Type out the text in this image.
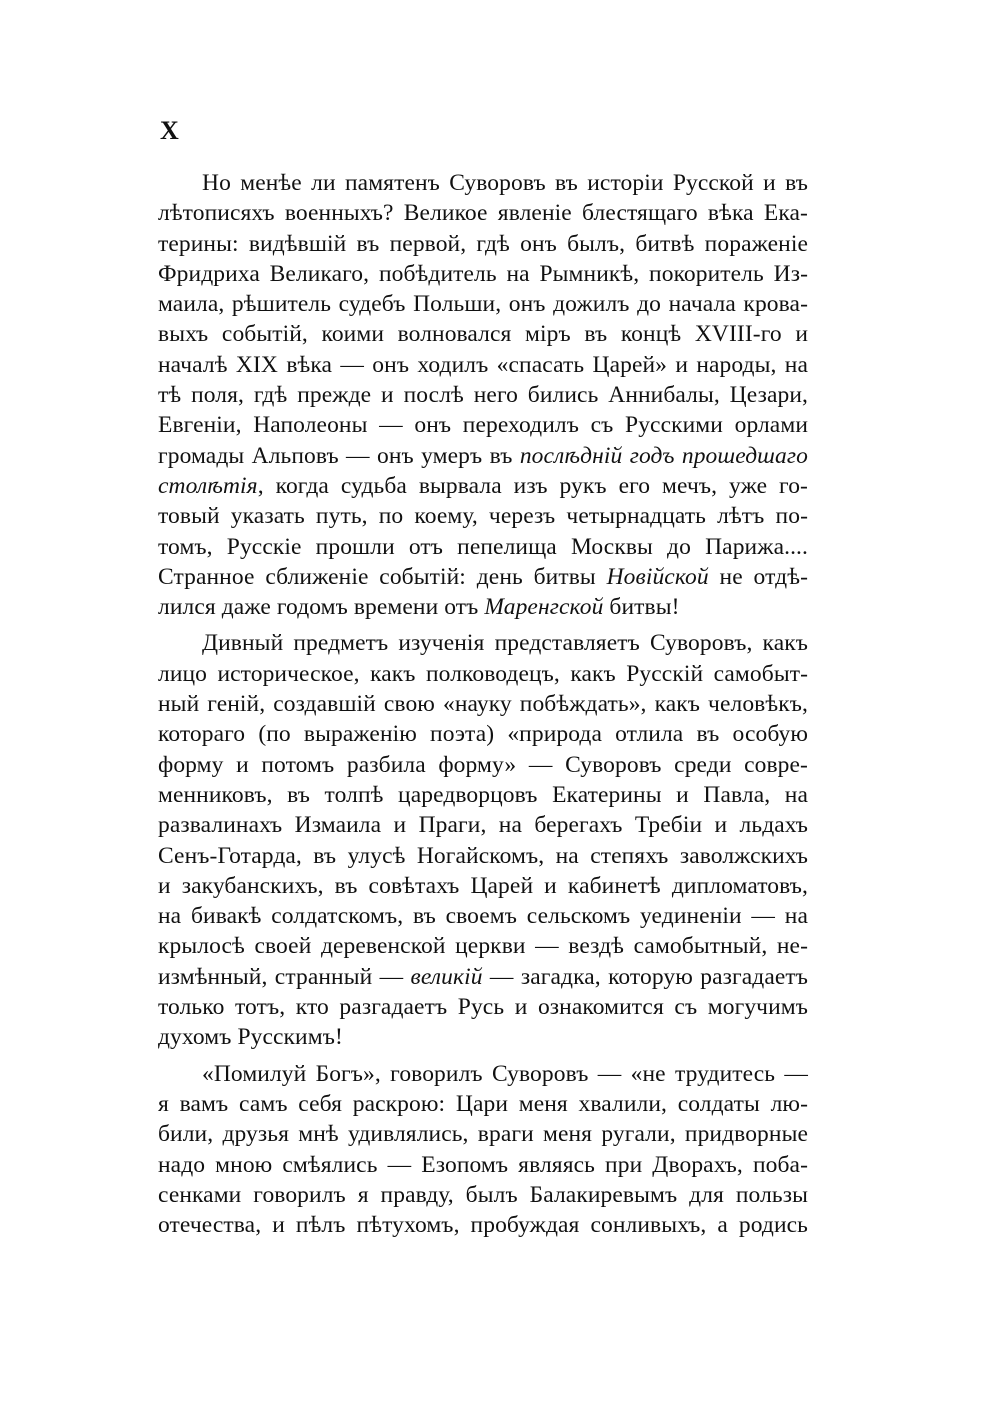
X
Но менѣе ли памятенъ Суворовъ въ исторіи Русской и въ
лѣтописяхъ военныхъ? Великое явленіе блестящаго вѣка Ека-
терины: видѣвшій въ первой, гдѣ онъ былъ, битвѣ пораженіе
Фридриха Великаго, побѣдитель на Рымникѣ, покоритель Из-
маила, рѣшитель судебъ Польши, онъ дожилъ до начала крова-
выхъ событій, коими волновался міръ въ концѣ XVIII-го и
началѣ XIX вѣка — онъ ходилъ «спасать Царей» и народы, на
тѣ поля, гдѣ прежде и послѣ него бились Аннибалы, Цезари,
Евгеніи, Наполеоны — онъ переходилъ съ Русскими орлами
громады Альповъ — онъ умеръ въ послѣдній годъ прошедшаго
столѣтія, когда судьба вырвала изъ рукъ его мечъ, уже го-
товый указать путь, по коему, черезъ четырнадцать лѣтъ по-
томъ, Русскіе прошли отъ пепелища Москвы до Парижа....
Странное сближеніе событій: день битвы Новійской не отдѣ-
лился даже годомъ времени отъ Маренгской битвы!
Дивный предметъ изученія представляетъ Суворовъ, какъ
лицо историческое, какъ полководецъ, какъ Русскій самобыт-
ный геній, создавшій свою «науку побѣждать», какъ человѣкъ,
котораго (по выраженію поэта) «природа отлила въ особую
форму и потомъ разбила форму» — Суворовъ среди совре-
менниковъ, въ толпѣ царедворцовъ Екатерины и Павла, на
развалинахъ Измаила и Праги, на берегахъ Требіи и льдахъ
Сенъ-Готарда, въ улусѣ Ногайскомъ, на степяхъ заволжскихъ
и закубанскихъ, въ совѣтахъ Царей и кабинетѣ дипломатовъ,
на бивакѣ солдатскомъ, въ своемъ сельскомъ уединеніи — на
крылосѣ своей деревенской церкви — вездѣ самобытный, не-
измѣнный, странный — великій — загадка, которую разгадаетъ
только тотъ, кто разгадаетъ Русь и ознакомится съ могучимъ
духомъ Русскимъ!
«Помилуй Богъ», говорилъ Суворовъ — «не трудитесь —
я вамъ самъ себя раскрою: Цари меня хвалили, солдаты лю-
били, друзья мнѣ удивлялись, враги меня ругали, придворные
надо мною смѣялись — Езопомъ являясь при Дворахъ, поба-
сенками говорилъ я правду, былъ Балакиревымъ для пользы
отечества, и пѣлъ пѣтухомъ, пробуждая сонливыхъ, а родись
